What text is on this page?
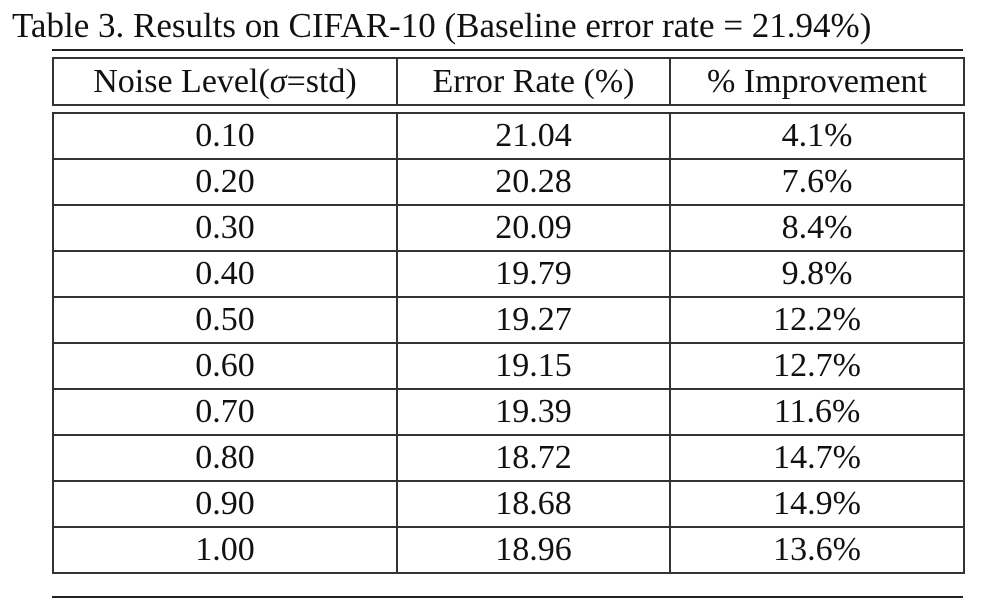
Table 3. Results on CIFAR-10 (Baseline error rate = 21.94%)
Noise Level(σ=std)	Error Rate (%)	% Improvement
0.10	21.04	4.1%
0.20	20.28	7.6%
0.30	20.09	8.4%
0.40	19.79	9.8%
0.50	19.27	12.2%
0.60	19.15	12.7%
0.70	19.39	11.6%
0.80	18.72	14.7%
0.90	18.68	14.9%
1.00	18.96	13.6%
